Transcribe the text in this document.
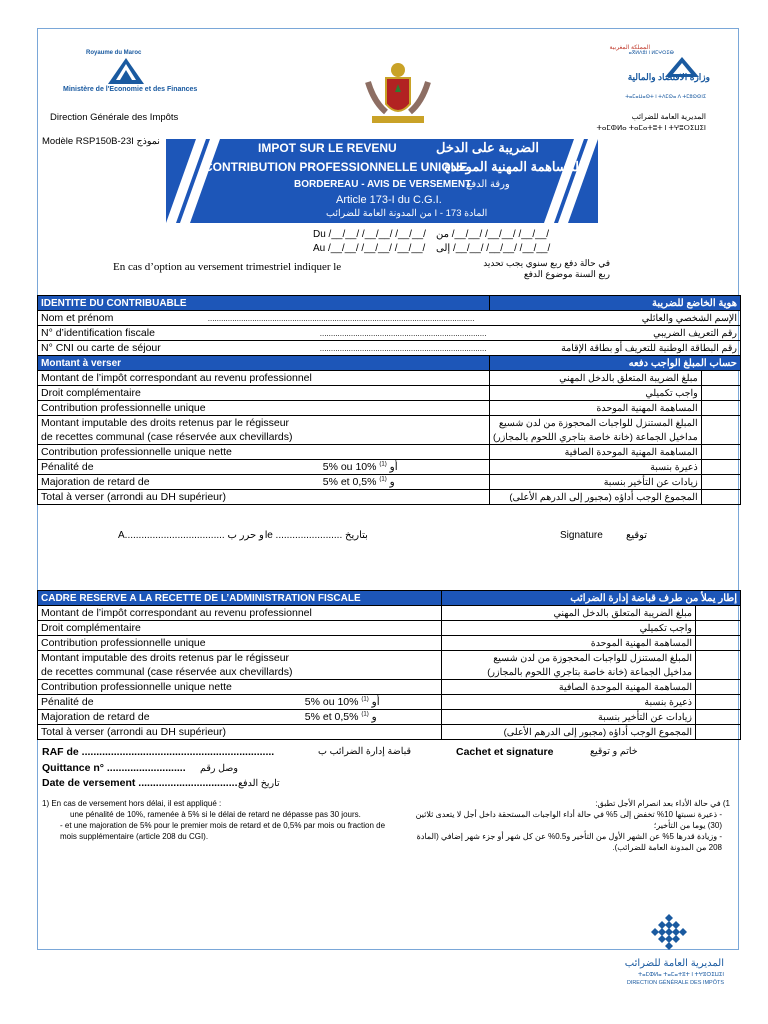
Royaume du Maroc
Ministère de l'Economie et des Finances
Direction Générale des Impôts
المملكة المغربية
ⴰⴳⵍⴷⵓⵏ ⵏ ⵍⵎⵖⵔⵉⴱ
وزارة الاقتصاد والمالية
ⵜⴰⵎⴰⵡⴰⵙⵜ ⵏ ⵜⴷⵎⵙⴰ ⴷ ⵜⵎⵓⵙⵙⵏⵉ
المديرية العامة للضرائب
ⵜⴰⵎⵀⵍⴰ ⵜⴰⵎⴰⵜⵓⵜ ⵏ ⵜⵖⵓⵔⵉⵡⵉⵏ
Modèle RSP150B-23I نموذج	IMPOT SUR LE REVENU	الضريبة على الدخل
CONTRIBUTION PROFESSIONNELLE UNIQUE
المساهمة المهنية الموحدة
BORDEREAU - AVIS DE VERSEMENT
ورقة الدفع
Article 173-I du C.G.I.
المادة 173 - I من المدونة العامة للضرائب
Du /__/__/ /__/__/ /__/__/
Au /__/__/ /__/__/ /__/__/
من /__/__/ /__/__/ /__/__/
إلى /__/__/ /__/__/ /__/__/
En cas d’option au versement trimestriel indiquer le	في حالة دفع ربع سنوي يجب تحديد ربع السنة موضوع الدفع
IDENTITE DU CONTRIBUABLE		هوية الخاضع للضريبة	
Nom et prénom	........................................................................................................................	الإسم الشخصي والعائلي	
N° d’identification fiscale	...........................................................................	رقم التعريف الضريبي	
N° CNI ou carte de séjour	...........................................................................	رقم البطاقة الوطنية للتعريف أو بطاقة الإقامة	
Montant à verser		حساب المبلغ الواجب دفعه	
Montant de l’impôt correspondant au revenu professionnel		مبلغ الضريبة المتعلق بالدخل المهني	
Droit complémentaire		واجب تكميلي	
Contribution professionnelle unique		المساهمة المهنية الموحدة	
Montant imputable des droits retenus par le régisseur		المبلغ المستنزل للواجبات المحجوزة من لدن شسيع	
de recettes communal (case réservée aux chevillards)		مداخيل الجماعة (خانة خاصة بتاجري اللحوم بالمجازر)	
Contribution professionnelle unique nette		المساهمة المهنية الموحدة الصافية	
Pénalité de	5% ou 10% أو $^{(1)}$	ذعيرة بنسبة	
Majoration de retard de	5% et 0,5% و $^{(1)}$	زيادات عن التأخير بنسبة	
Total à verser (arrondi au DH supérieur)		المجموع الوجب أداؤه (مجبور إلى الدرهم الأعلى)	
A.................................... و حرر ب le ........................ بتاريخ	Signature توقيع
CADRE RESERVE A LA RECETTE DE L’ADMINISTRATION FISCALE		إطار يملأ من طرف قباضة إدارة الضرائب	
Montant de l’impôt correspondant au revenu professionnel		مبلغ الضريبة المتعلق بالدخل المهني	
Droit complémentaire		واجب تكميلي	
Contribution professionnelle unique		المساهمة المهنية الموحدة	
Montant imputable des droits retenus par le régisseur		المبلغ المستنزل للواجبات المحجوزة من لدن شسيع	
de recettes communal (case réservée aux chevillards)		مداخيل الجماعة (خانة خاصة بتاجري اللحوم بالمجازر)	
Contribution professionnelle unique nette		المساهمة المهنية الموحدة الصافية	
Pénalité de	5% ou 10% أو $^{(1)}$	ذعيرة بنسبة	
Majoration de retard de	5% et 0,5% و $^{(1)}$	زيادات عن التأخير بنسبة	
Total à verser (arrondi au DH supérieur)		المجموع الوجب أداؤه (مجبور إلى الدرهم الأعلى)	
RAF de ..................................................................	قباضة إدارة الضرائب ب	Cachet et signature	خاتم و توقيع
Quittance n° ........................... وصل رقم
Date de versement .................................. تاريخ الدفع
1) En cas de versement hors délai, il est appliqué :
une pénalité de 10%, ramenée à 5% si le délai de retard ne dépasse pas 30 jours.
- et une majoration de 5% pour le premier mois de retard et de 0,5% par mois ou fraction de mois supplémentaire (article 208 du CGI).
1) في حالة الأداء بعد انصرام الأجل تطبق:
- ذعيرة نسبتها 10% تخفض إلى 5% في حالة أداء الواجبات المستحقة داخل أجل لا يتعدى ثلاثين (30) يوما من التأخير؛
- وزيادة قدرها 5% عن الشهر الأول من التأخير و0.5% عن كل شهر أو جزء شهر إضافي (المادة 208 من المدونة العامة للضرائب).
المديرية العامة للضرائب
ⵜⴰⵎⵀⵍⴰ ⵜⴰⵎⴰⵜⵓⵜ ⵏ ⵜⵖⵓⵔⵉⵡⵉⵏ
DIRECTION GÉNÉRALE DES IMPÔTS
